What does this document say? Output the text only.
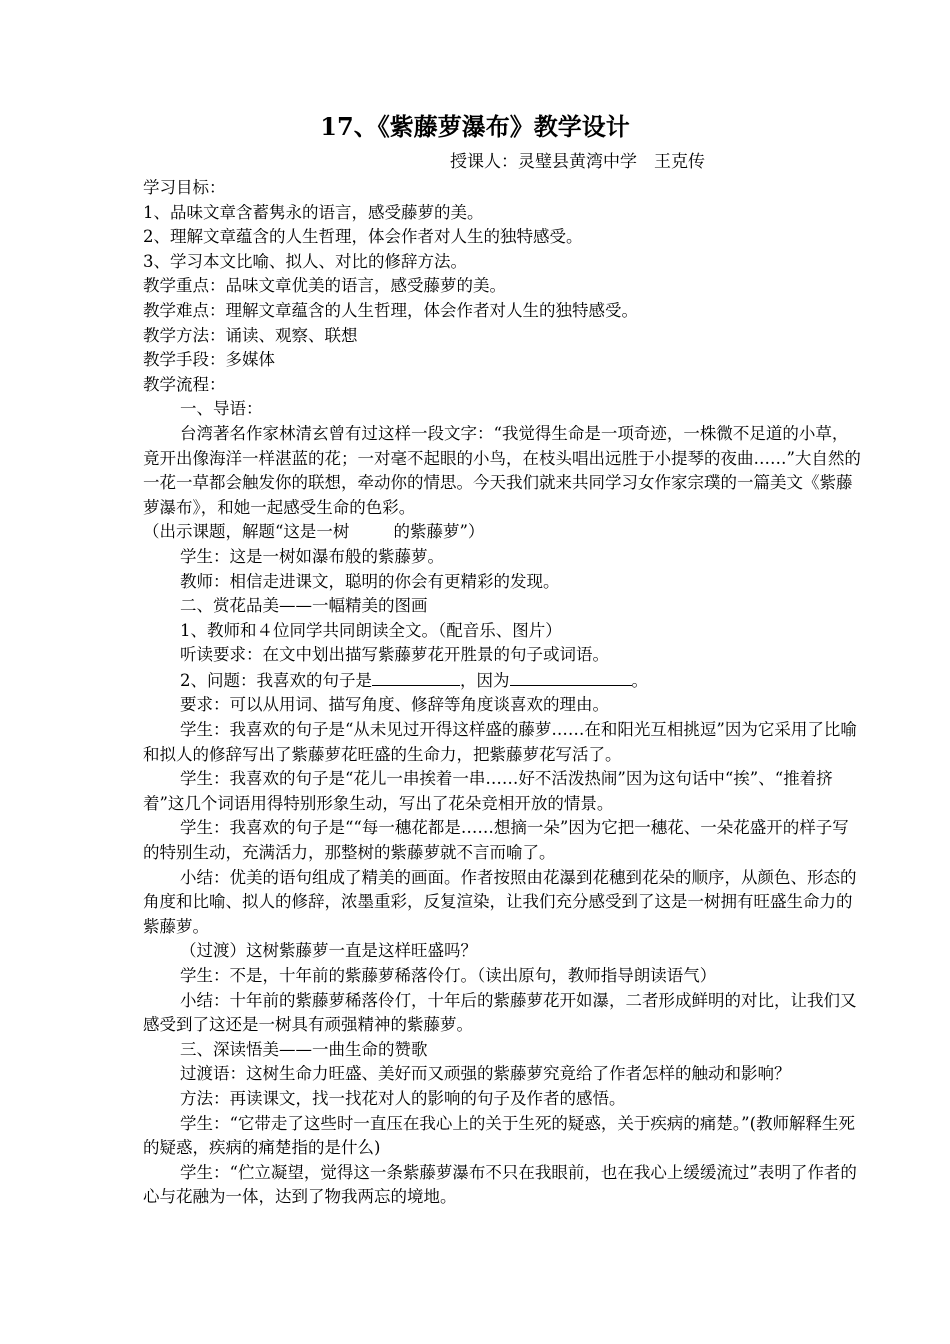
17、《紫藤萝瀑布》教学设计
授课人：灵璧县黄湾中学　王克传

学习目标：

1、品味文章含蓄隽永的语言，感受藤萝的美。

2、理解文章蕴含的人生哲理，体会作者对人生的独特感受。

3、学习本文比喻、拟人、对比的修辞方法。

教学重点：品味文章优美的语言，感受藤萝的美。

教学难点：理解文章蕴含的人生哲理，体会作者对人生的独特感受。

教学方法：诵读、观察、联想

教学手段：多媒体

教学流程：

一、导语：

台湾著名作家林清玄曾有过这样一段文字：“我觉得生命是一项奇迹，一株微不足道的小草，竟开出像海洋一样湛蓝的花；一对毫不起眼的小鸟，在枝头唱出远胜于小提琴的夜曲……”大自然的一花一草都会触发你的联想，牵动你的情思。今天我们就来共同学习女作家宗璞的一篇美文《紫藤萝瀑布》，和她一起感受生命的色彩。

（出示课题，解题“这是一树	的紫藤萝”）

学生：这是一树如瀑布般的紫藤萝。

教师：相信走进课文，聪明的你会有更精彩的发现。

二、赏花品美——一幅精美的图画

1、教师和４位同学共同朗读全文。（配音乐、图片）

听读要求：在文中划出描写紫藤萝花开胜景的句子或词语。

2、问题：我喜欢的句子是	，因为	。

要求：可以从用词、描写角度、修辞等角度谈喜欢的理由。

学生：我喜欢的句子是“从未见过开得这样盛的藤萝……在和阳光互相挑逗”因为它采用了比喻和拟人的修辞写出了紫藤萝花旺盛的生命力，把紫藤萝花写活了。

学生：我喜欢的句子是“花儿一串挨着一串……好不活泼热闹”因为这句话中“挨”、“推着挤着”这几个词语用得特别形象生动，写出了花朵竞相开放的情景。

学生：我喜欢的句子是““每一穗花都是……想摘一朵”因为它把一穗花、一朵花盛开的样子写的特别生动，充满活力，那整树的紫藤萝就不言而喻了。

小结：优美的语句组成了精美的画面。作者按照由花瀑到花穗到花朵的顺序，从颜色、形态的角度和比喻、拟人的修辞，浓墨重彩，反复渲染，让我们充分感受到了这是一树拥有旺盛生命力的紫藤萝。

（过渡）这树紫藤萝一直是这样旺盛吗？

学生：不是，十年前的紫藤萝稀落伶仃。（读出原句，教师指导朗读语气）

小结：十年前的紫藤萝稀落伶仃，十年后的紫藤萝花开如瀑，二者形成鲜明的对比，让我们又感受到了这还是一树具有顽强精神的紫藤萝。

三、深读悟美——一曲生命的赞歌

过渡语：这树生命力旺盛、美好而又顽强的紫藤萝究竟给了作者怎样的触动和影响？

方法：再读课文，找一找花对人的影响的句子及作者的感悟。

学生：“它带走了这些时一直压在我心上的关于生死的疑惑，关于疾病的痛楚。”(教师解释生死的疑惑，疾病的痛楚指的是什么)

学生：“伫立凝望，觉得这一条紫藤萝瀑布不只在我眼前，也在我心上缓缓流过”表明了作者的心与花融为一体，达到了物我两忘的境地。
